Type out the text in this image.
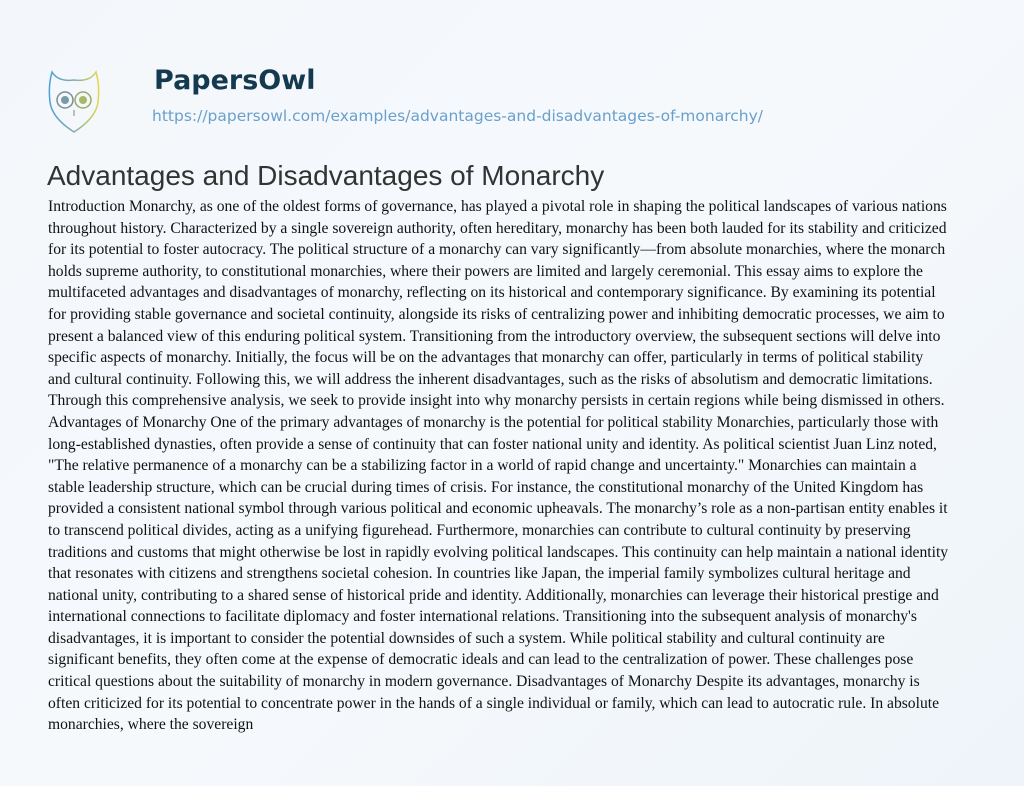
PapersOwl
https://papersowl.com/examples/advantages-and-disadvantages-of-monarchy/
Advantages and Disadvantages of Monarchy
Introduction Monarchy, as one of the oldest forms of governance, has played a pivotal role in shaping the political landscapes of various nations
throughout history. Characterized by a single sovereign authority, often hereditary, monarchy has been both lauded for its stability and criticized
for its potential to foster autocracy. The political structure of a monarchy can vary significantly—from absolute monarchies, where the monarch
holds supreme authority, to constitutional monarchies, where their powers are limited and largely ceremonial. This essay aims to explore the
multifaceted advantages and disadvantages of monarchy, reflecting on its historical and contemporary significance. By examining its potential
for providing stable governance and societal continuity, alongside its risks of centralizing power and inhibiting democratic processes, we aim to
present a balanced view of this enduring political system. Transitioning from the introductory overview, the subsequent sections will delve into
specific aspects of monarchy. Initially, the focus will be on the advantages that monarchy can offer, particularly in terms of political stability
and cultural continuity. Following this, we will address the inherent disadvantages, such as the risks of absolutism and democratic limitations.
Through this comprehensive analysis, we seek to provide insight into why monarchy persists in certain regions while being dismissed in others.
Advantages of Monarchy One of the primary advantages of monarchy is the potential for political stability Monarchies, particularly those with
long-established dynasties, often provide a sense of continuity that can foster national unity and identity. As political scientist Juan Linz noted,
"The relative permanence of a monarchy can be a stabilizing factor in a world of rapid change and uncertainty." Monarchies can maintain a
stable leadership structure, which can be crucial during times of crisis. For instance, the constitutional monarchy of the United Kingdom has
provided a consistent national symbol through various political and economic upheavals. The monarchy’s role as a non-partisan entity enables it
to transcend political divides, acting as a unifying figurehead. Furthermore, monarchies can contribute to cultural continuity by preserving
traditions and customs that might otherwise be lost in rapidly evolving political landscapes. This continuity can help maintain a national identity
that resonates with citizens and strengthens societal cohesion. In countries like Japan, the imperial family symbolizes cultural heritage and
national unity, contributing to a shared sense of historical pride and identity. Additionally, monarchies can leverage their historical prestige and
international connections to facilitate diplomacy and foster international relations. Transitioning into the subsequent analysis of monarchy's
disadvantages, it is important to consider the potential downsides of such a system. While political stability and cultural continuity are
significant benefits, they often come at the expense of democratic ideals and can lead to the centralization of power. These challenges pose
critical questions about the suitability of monarchy in modern governance. Disadvantages of Monarchy Despite its advantages, monarchy is
often criticized for its potential to concentrate power in the hands of a single individual or family, which can lead to autocratic rule. In absolute
monarchies, where the sovereign
